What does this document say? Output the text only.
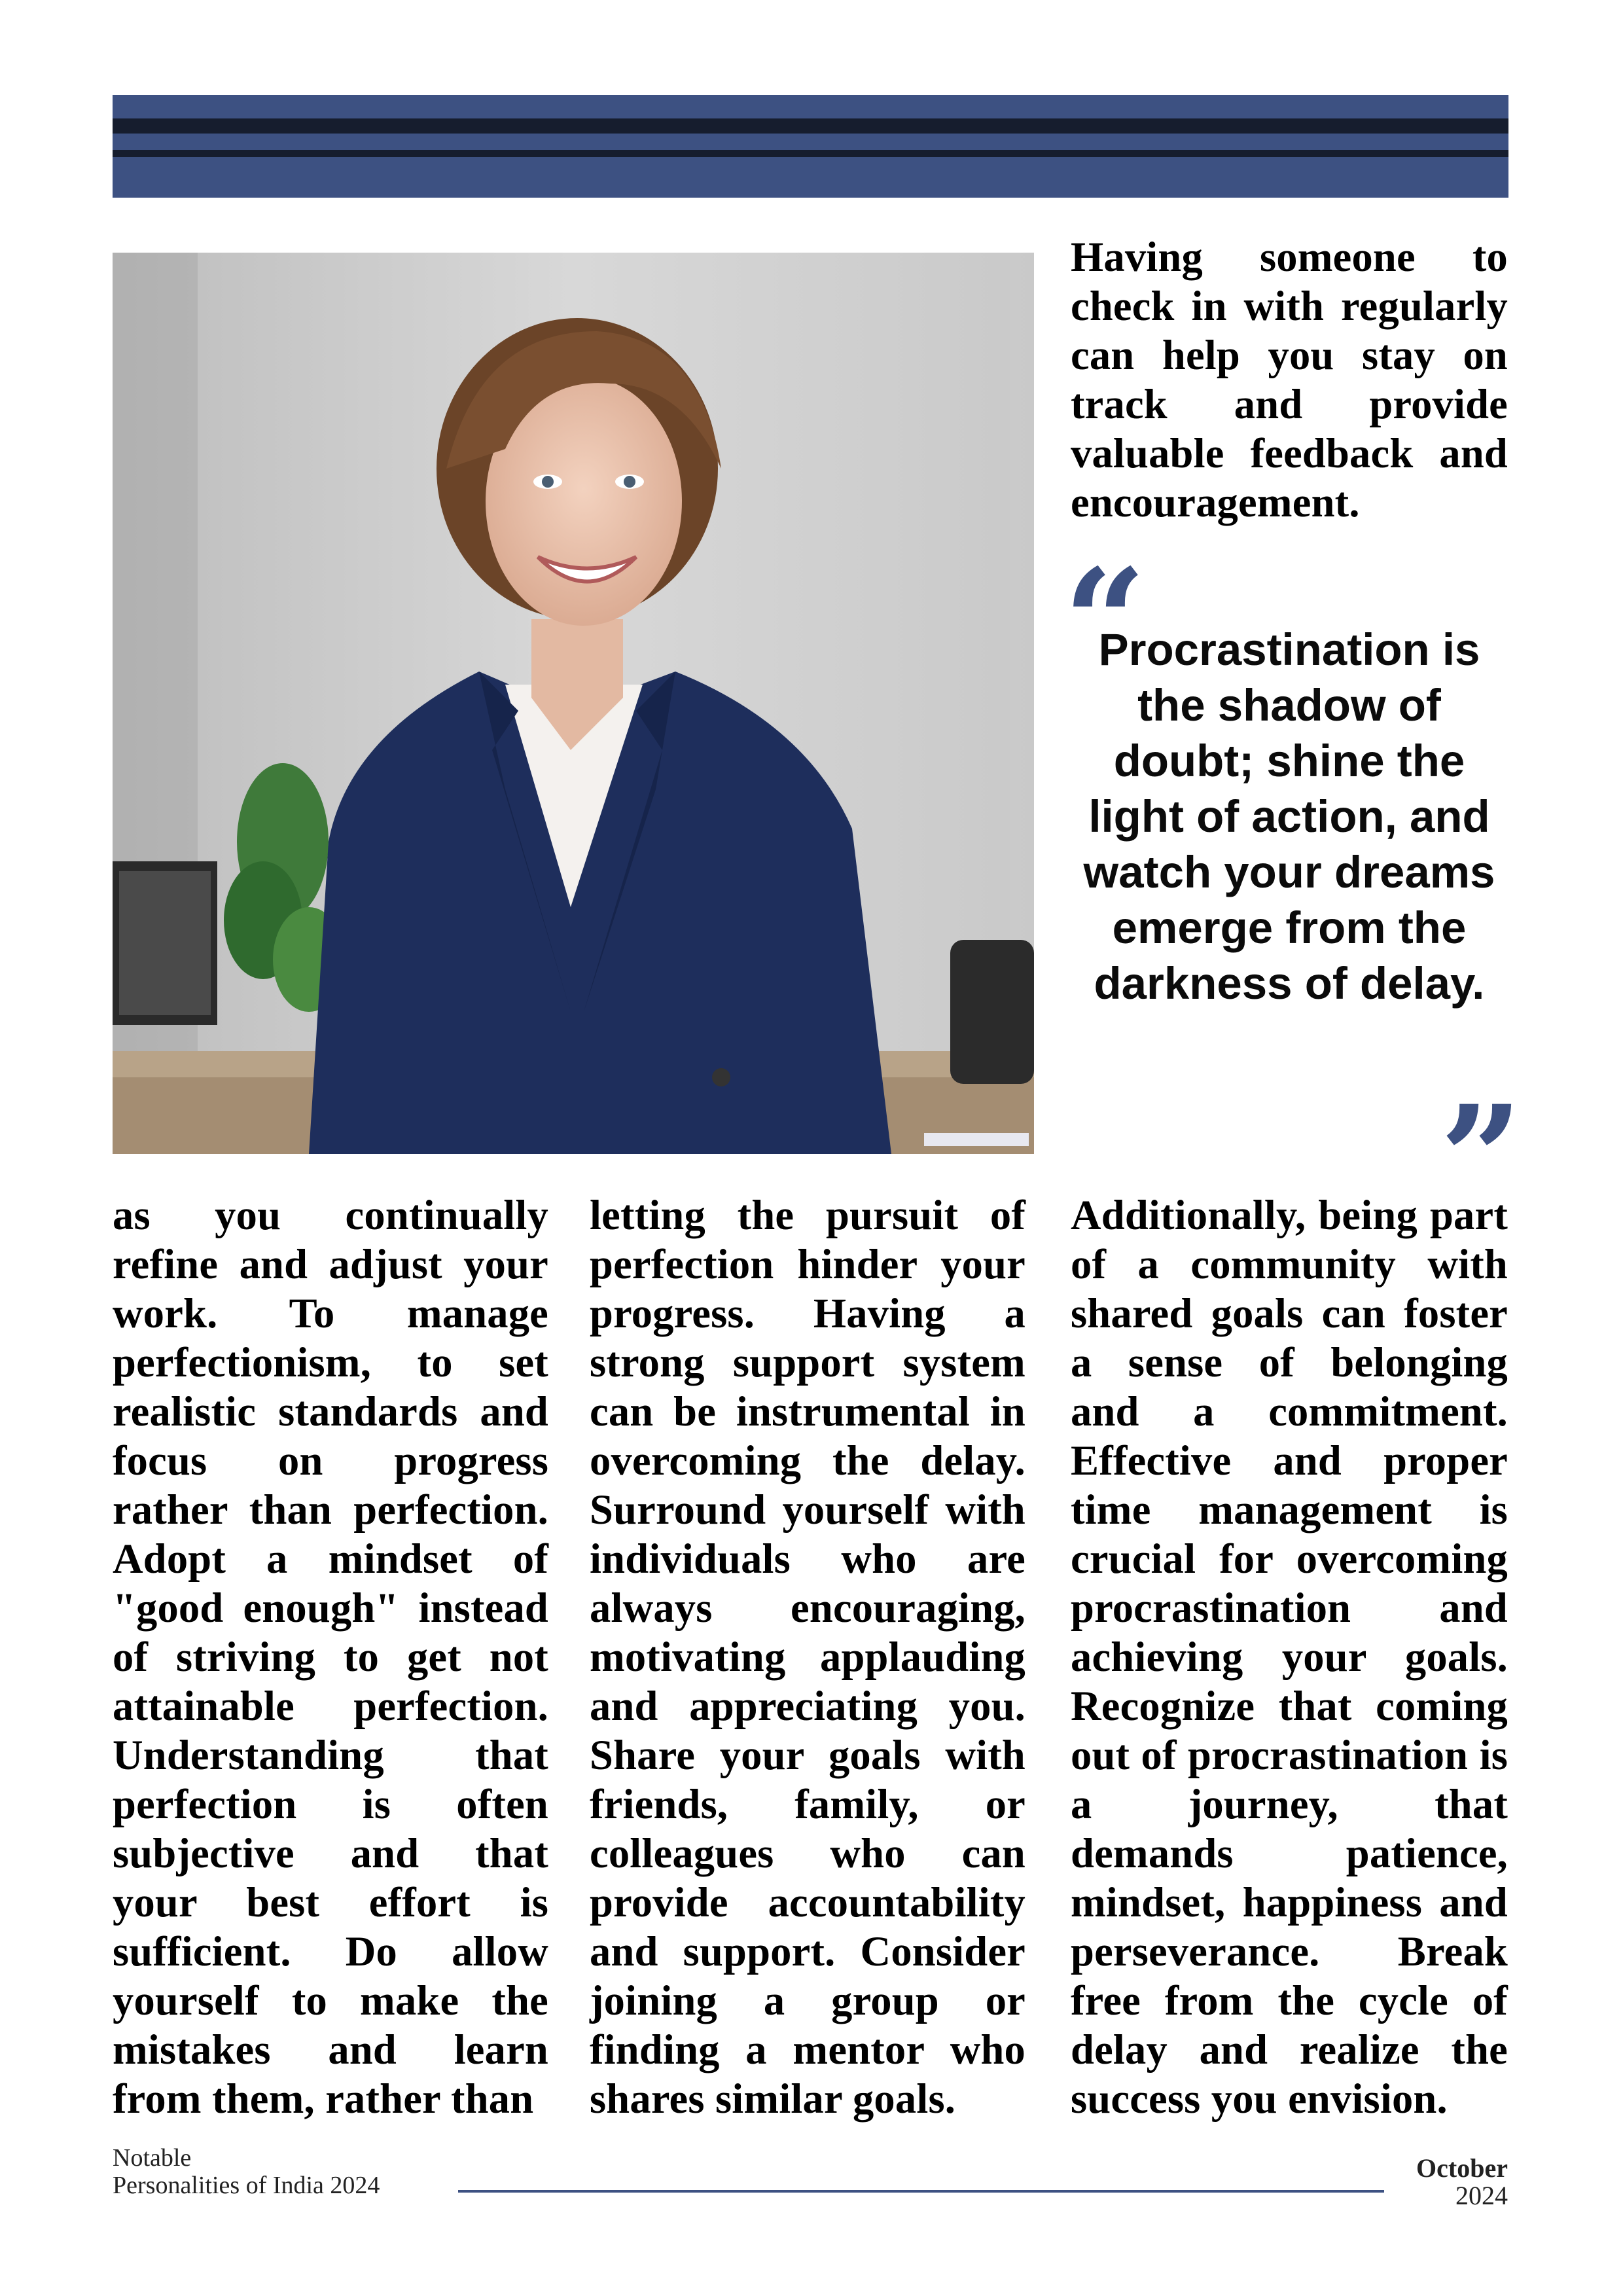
Having someone to check in with regularly can help you stay on track and provide valuable feedback and encouragement.

“
Procrastination is the shadow of doubt; shine the light of action, and watch your dreams emerge from the darkness of delay.
”

as you continually refine and adjust your work. To manage perfectionism, to set realistic standards and focus on progress rather than perfection. Adopt a mindset of "good enough" instead of striving to get not attainable perfection. Understanding that perfection is often subjective and that your best effort is sufficient. Do allow yourself to make the mistakes and learn from them, rather than

letting the pursuit of perfection hinder your progress. Having a strong support system can be instrumental in overcoming the delay. Surround yourself with individuals who are always encouraging, motivating applauding and appreciating you. Share your goals with friends, family, or colleagues who can provide accountability and support. Consider joining a group or finding a mentor who shares similar goals.

Additionally, being part of a community with shared goals can foster a sense of belonging and a commitment. Effective and proper time management is crucial for overcoming procrastination and achieving your goals. Recognize that coming out of procrastination is a journey, that demands patience, mindset, happiness and perseverance. Break free from the cycle of delay and realize the success you envision.

Notable
Personalities of India 2024
October
2024
